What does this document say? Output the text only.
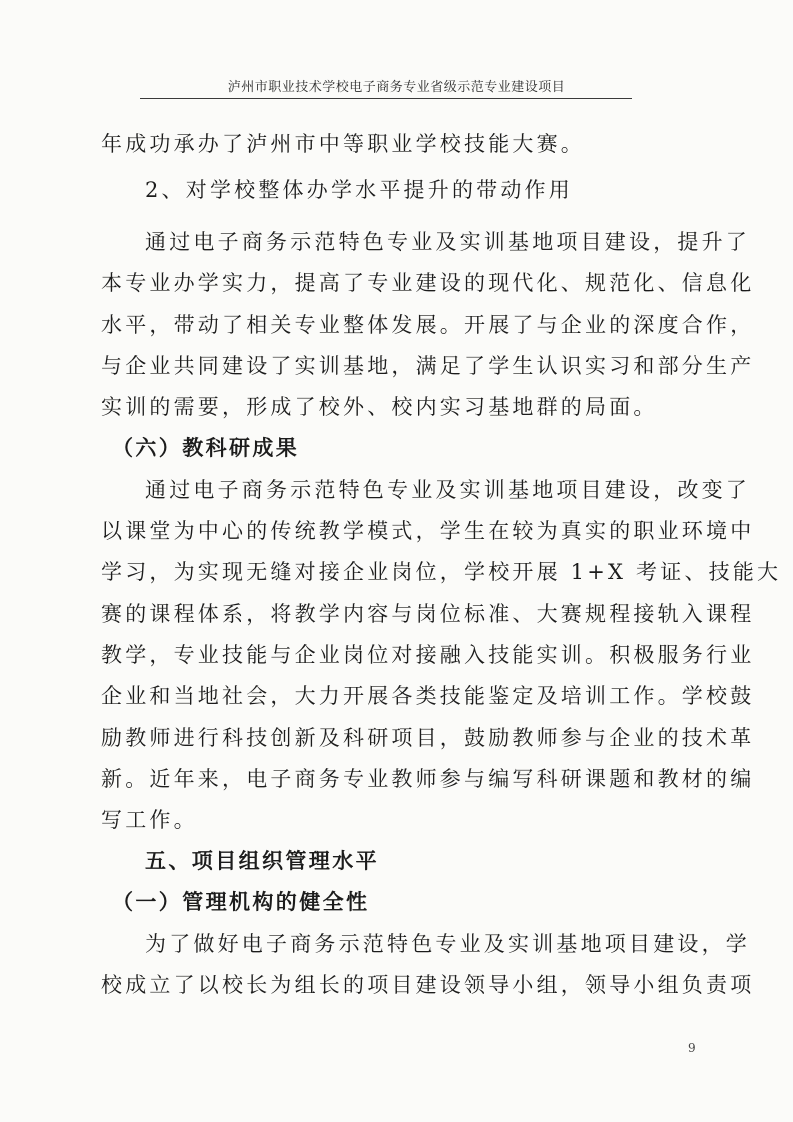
泸州市职业技术学校电子商务专业省级示范专业建设项目
年成功承办了泸州市中等职业学校技能大赛。
2、对学校整体办学水平提升的带动作用
通过电子商务示范特色专业及实训基地项目建设，提升了
本专业办学实力，提高了专业建设的现代化、规范化、信息化
水平，带动了相关专业整体发展。开展了与企业的深度合作，
与企业共同建设了实训基地，满足了学生认识实习和部分生产
实训的需要，形成了校外、校内实习基地群的局面。
（六）教科研成果
通过电子商务示范特色专业及实训基地项目建设，改变了
以课堂为中心的传统教学模式，学生在较为真实的职业环境中
学习，为实现无缝对接企业岗位，学校开展 1+X 考证、技能大
赛的课程体系，将教学内容与岗位标准、大赛规程接轨入课程
教学，专业技能与企业岗位对接融入技能实训。积极服务行业
企业和当地社会，大力开展各类技能鉴定及培训工作。学校鼓
励教师进行科技创新及科研项目，鼓励教师参与企业的技术革
新。近年来，电子商务专业教师参与编写科研课题和教材的编
写工作。
五、项目组织管理水平
（一）管理机构的健全性
为了做好电子商务示范特色专业及实训基地项目建设，学
校成立了以校长为组长的项目建设领导小组，领导小组负责项
9
